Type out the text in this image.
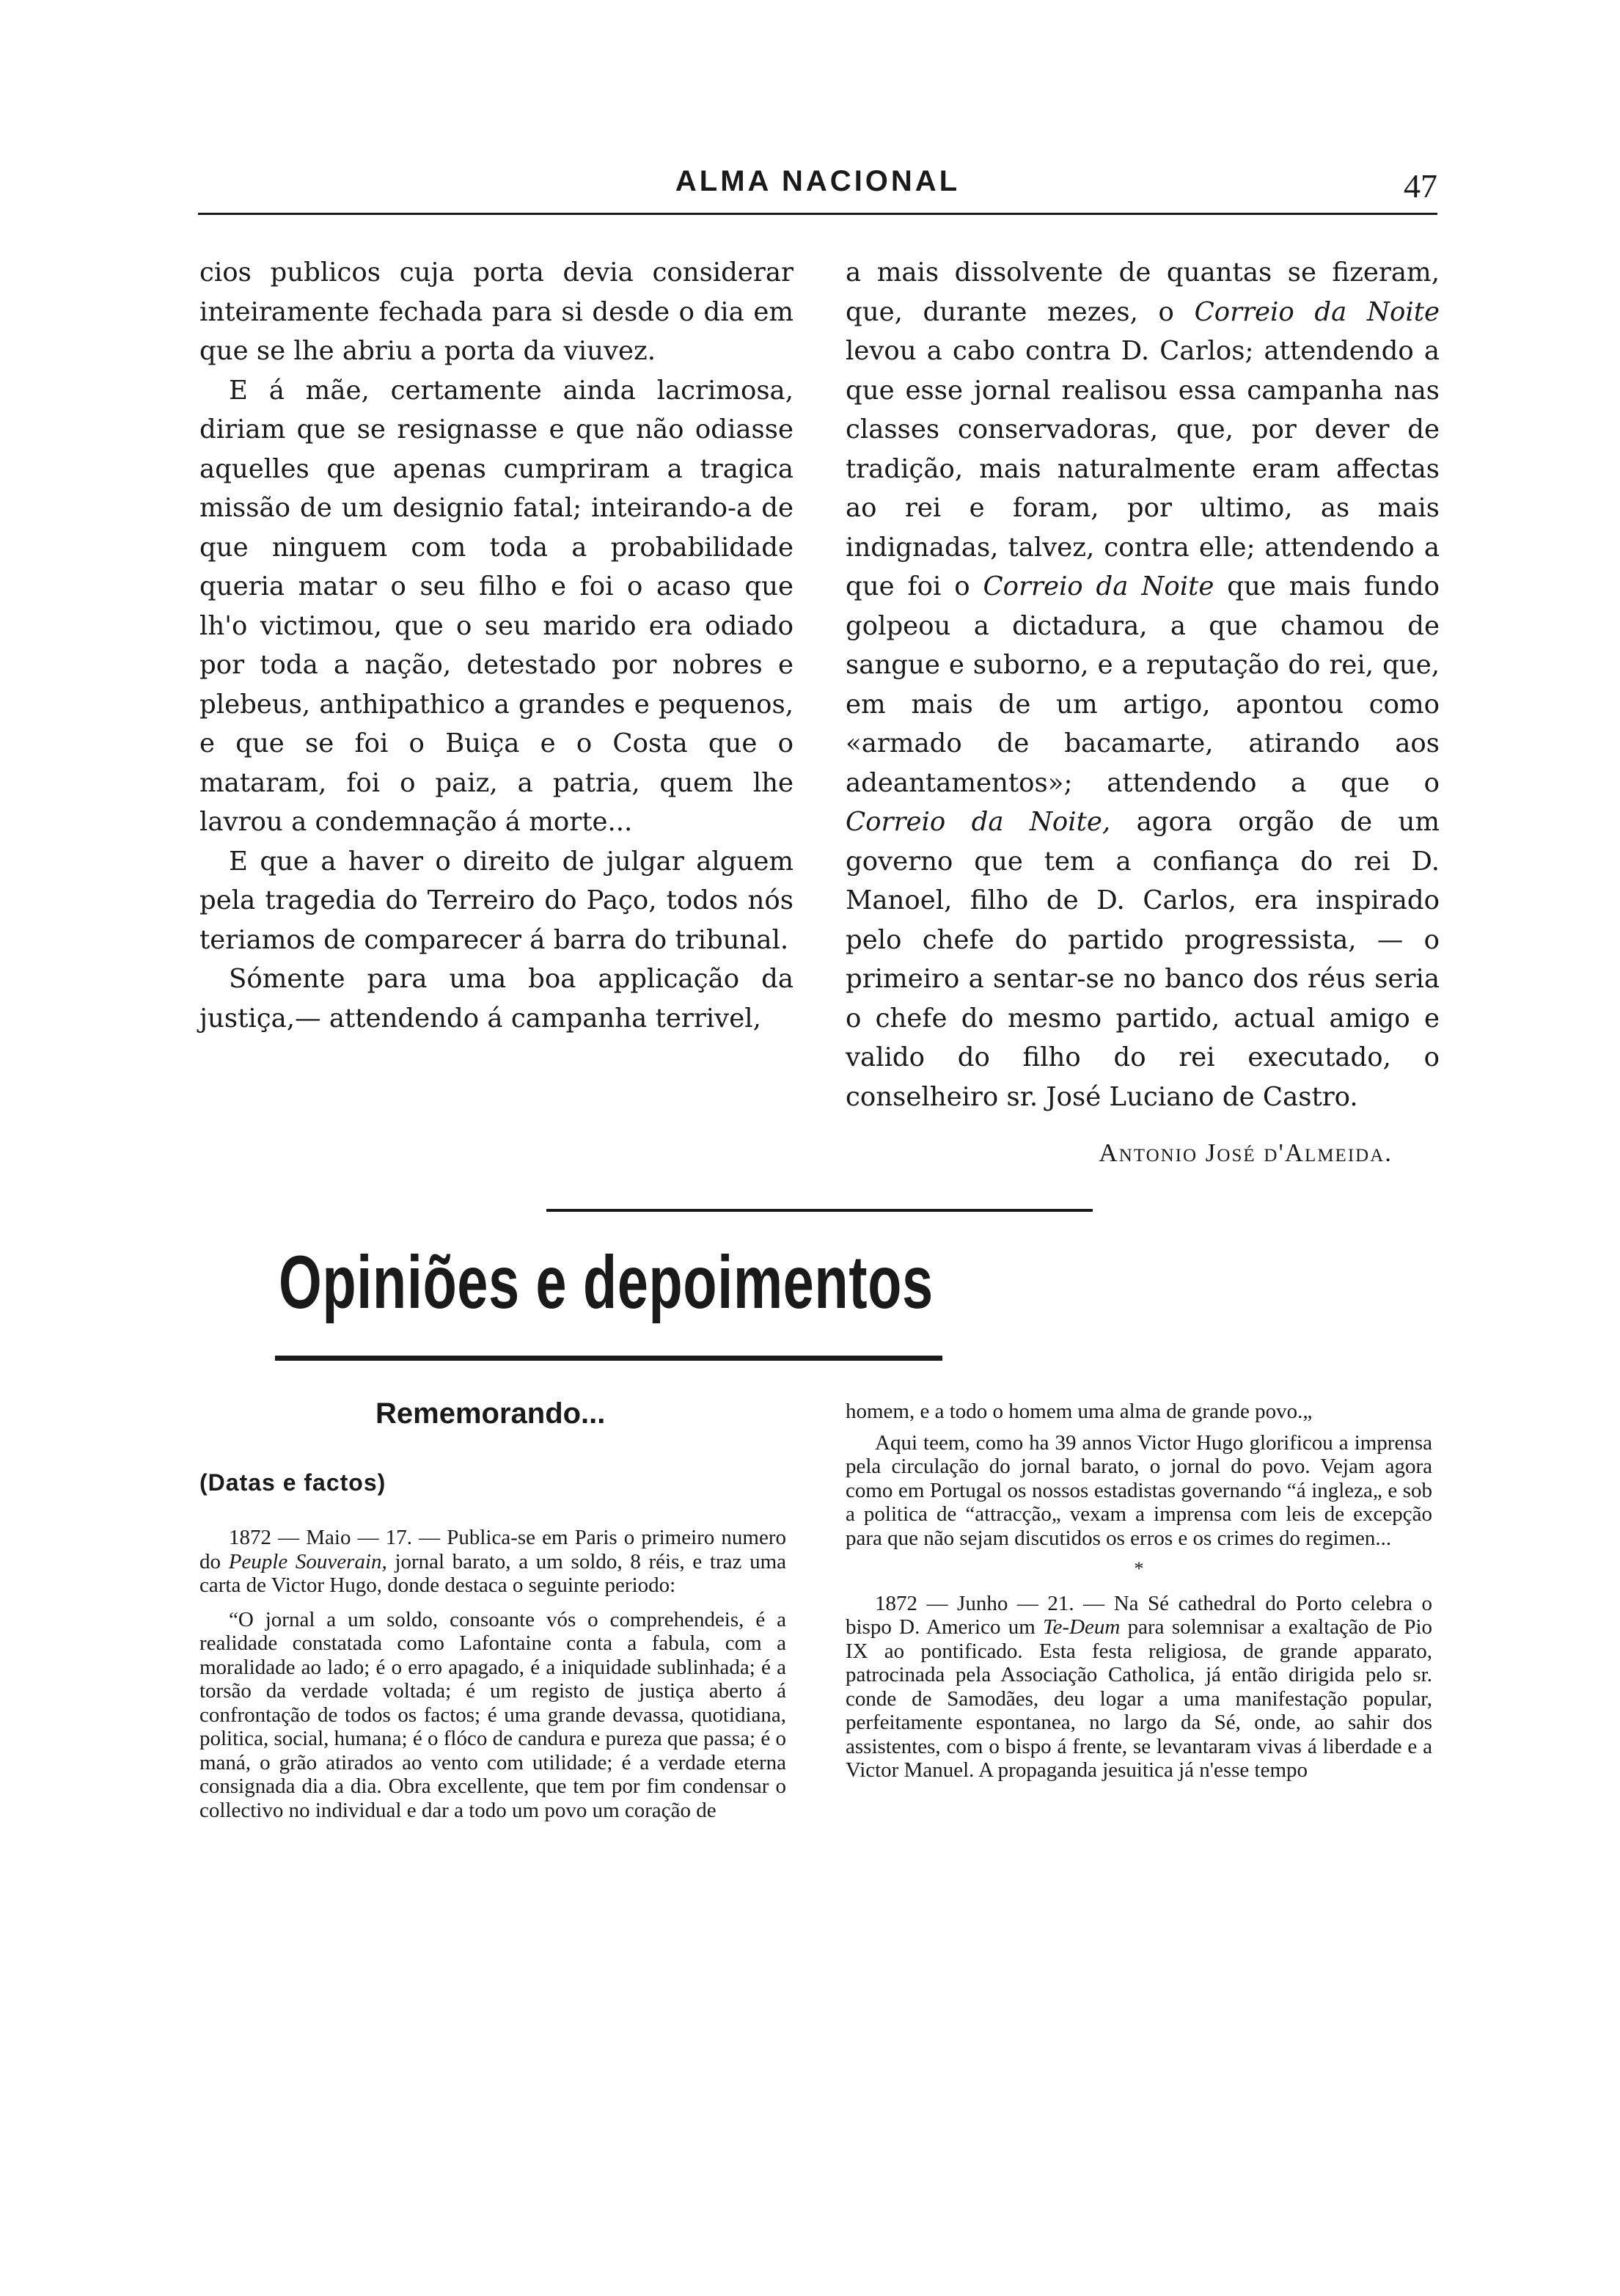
ALMA NACIONAL	47

cios publicos cuja porta devia considerar inteiramente fechada para si desde o dia em que se lhe abriu a porta da viuvez.

E á mãe, certamente ainda lacrimosa, diriam que se resignasse e que não odiasse aquelles que apenas cumpriram a tragica missão de um designio fatal; inteirando-a de que ninguem com toda a probabilidade queria matar o seu filho e foi o acaso que lh'o victimou, que o seu marido era odiado por toda a nação, detestado por nobres e plebeus, anthipathico a grandes e pequenos, e que se foi o Buiça e o Costa que o mataram, foi o paiz, a patria, quem lhe lavrou a condemnação á morte...

E que a haver o direito de julgar alguem pela tragedia do Terreiro do Paço, todos nós teriamos de comparecer á barra do tribunal.

Sómente para uma boa applicação da justiça,— attendendo á campanha terrivel,

a mais dissolvente de quantas se fizeram, que, durante mezes, o Correio da Noite levou a cabo contra D. Carlos; attendendo a que esse jornal realisou essa campanha nas classes conservadoras, que, por dever de tradição, mais naturalmente eram affectas ao rei e foram, por ultimo, as mais indignadas, talvez, contra elle; attendendo a que foi o Correio da Noite que mais fundo golpeou a dictadura, a que chamou de sangue e suborno, e a reputação do rei, que, em mais de um artigo, apontou como «armado de bacamarte, atirando aos adeantamentos»; attendendo a que o Correio da Noite, agora orgão de um governo que tem a confiança do rei D. Manoel, filho de D. Carlos, era inspirado pelo chefe do partido progressista, — o primeiro a sentar-se no banco dos réus seria o chefe do mesmo partido, actual amigo e valido do filho do rei executado, o conselheiro sr. José Luciano de Castro.

Antonio José d'Almeida.
Opiniões e depoimentos
Rememorando...
(Datas e factos)

1872 — Maio — 17. — Publica-se em Paris o primeiro numero do Peuple Souverain, jornal barato, a um soldo, 8 réis, e traz uma carta de Victor Hugo, donde destaca o seguinte periodo:

“O jornal a um soldo, consoante vós o comprehendeis, é a realidade constatada como Lafontaine conta a fabula, com a moralidade ao lado; é o erro apagado, é a iniquidade sublinhada; é a torsão da verdade voltada; é um registo de justiça aberto á confrontação de todos os factos; é uma grande devassa, quotidiana, politica, social, humana; é o flóco de candura e pureza que passa; é o maná, o grão atirados ao vento com utilidade; é a verdade eterna consignada dia a dia. Obra excellente, que tem por fim condensar o collectivo no individual e dar a todo um povo um coração de

homem, e a todo o homem uma alma de grande povo.„

Aqui teem, como ha 39 annos Victor Hugo glorificou a imprensa pela circulação do jornal barato, o jornal do povo. Vejam agora como em Portugal os nossos estadistas governando “á ingleza„ e sob a politica de “attracção„ vexam a imprensa com leis de excepção para que não sejam discutidos os erros e os crimes do regimen...

*

1872 — Junho — 21. — Na Sé cathedral do Porto celebra o bispo D. Americo um Te-Deum para solemnisar a exaltação de Pio IX ao pontificado. Esta festa religiosa, de grande apparato, patrocinada pela Associação Catholica, já então dirigida pelo sr. conde de Samodães, deu logar a uma manifestação popular, perfeitamente espontanea, no largo da Sé, onde, ao sahir dos assistentes, com o bispo á frente, se levantaram vivas á liberdade e a Victor Manuel. A propaganda jesuitica já n'esse tempo
